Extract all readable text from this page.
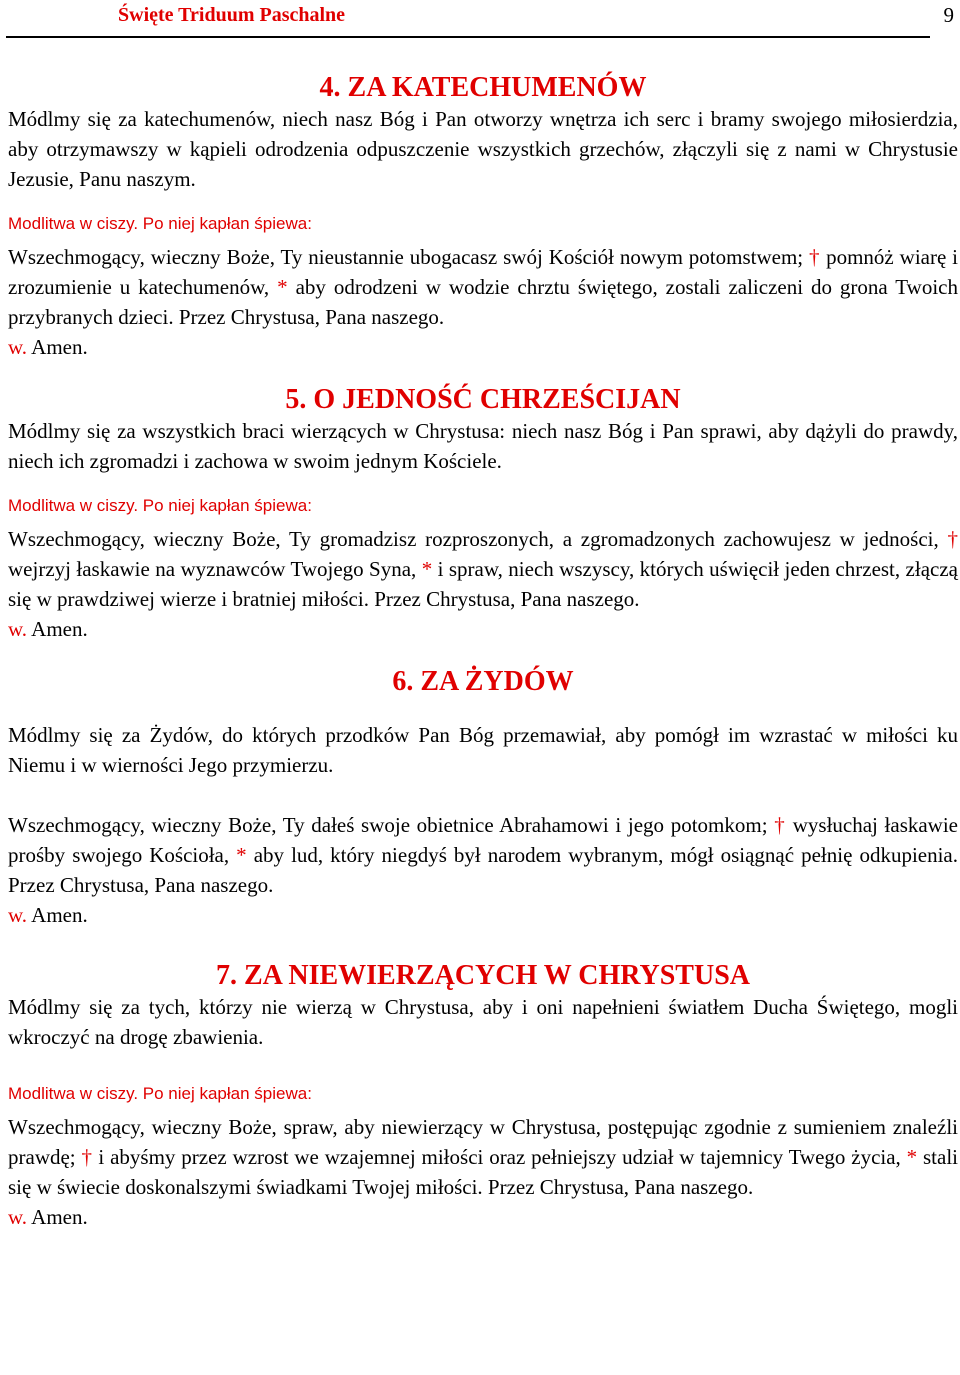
Święte Triduum Paschalne	9
4. ZA KATECHUMENÓW

Módlmy się za katechumenów, niech nasz Bóg i Pan otworzy wnętrza ich serc i bramy swojego miłosierdzia, aby otrzymawszy w kąpieli odrodzenia odpuszczenie wszystkich grzechów, złączyli się z nami w Chrystusie Jezusie, Panu naszym.

Modlitwa w ciszy. Po niej kapłan śpiewa:

Wszechmogący, wieczny Boże, Ty nieustannie ubogacasz swój Kościół nowym potomstwem; † pomnóż wiarę i zrozumienie u katechumenów, * aby odrodzeni w wodzie chrztu świętego, zostali zaliczeni do grona Twoich przybranych dzieci. Przez Chrystusa, Pana naszego.

w. Amen.
5. O JEDNOŚĆ CHRZEŚCIJAN

Módlmy się za wszystkich braci wierzących w Chrystusa: niech nasz Bóg i Pan sprawi, aby dążyli do prawdy, niech ich zgromadzi i zachowa w swoim jednym Kościele.

Modlitwa w ciszy. Po niej kapłan śpiewa:

Wszechmogący, wieczny Boże, Ty gromadzisz rozproszonych, a zgromadzonych zachowujesz w jedności, † wejrzyj łaskawie na wyznawców Twojego Syna, * i spraw, niech wszyscy, których uświęcił jeden chrzest, złączą się w prawdziwej wierze i bratniej miłości. Przez Chrystusa, Pana naszego.

w. Amen.
6. ZA ŻYDÓW

Módlmy się za Żydów, do których przodków Pan Bóg przemawiał, aby pomógł im wzrastać w miłości ku Niemu i w wierności Jego przymierzu.

Wszechmogący, wieczny Boże, Ty dałeś swoje obietnice Abrahamowi i jego potomkom; † wysłuchaj łaskawie prośby swojego Kościoła, * aby lud, który niegdyś był narodem wybranym, mógł osiągnąć pełnię odkupienia. Przez Chrystusa, Pana naszego.

w. Amen.
7. ZA NIEWIERZĄCYCH W CHRYSTUSA

Módlmy się za tych, którzy nie wierzą w Chrystusa, aby i oni napełnieni światłem Ducha Świętego, mogli wkroczyć na drogę zbawienia.

Modlitwa w ciszy. Po niej kapłan śpiewa:

Wszechmogący, wieczny Boże, spraw, aby niewierzący w Chrystusa, postępując zgodnie z sumieniem znaleźli prawdę; † i abyśmy przez wzrost we wzajemnej miłości oraz pełniejszy udział w tajemnicy Twego życia, * stali się w świecie doskonalszymi świadkami Twojej miłości. Przez Chrystusa, Pana naszego.

w. Amen.
